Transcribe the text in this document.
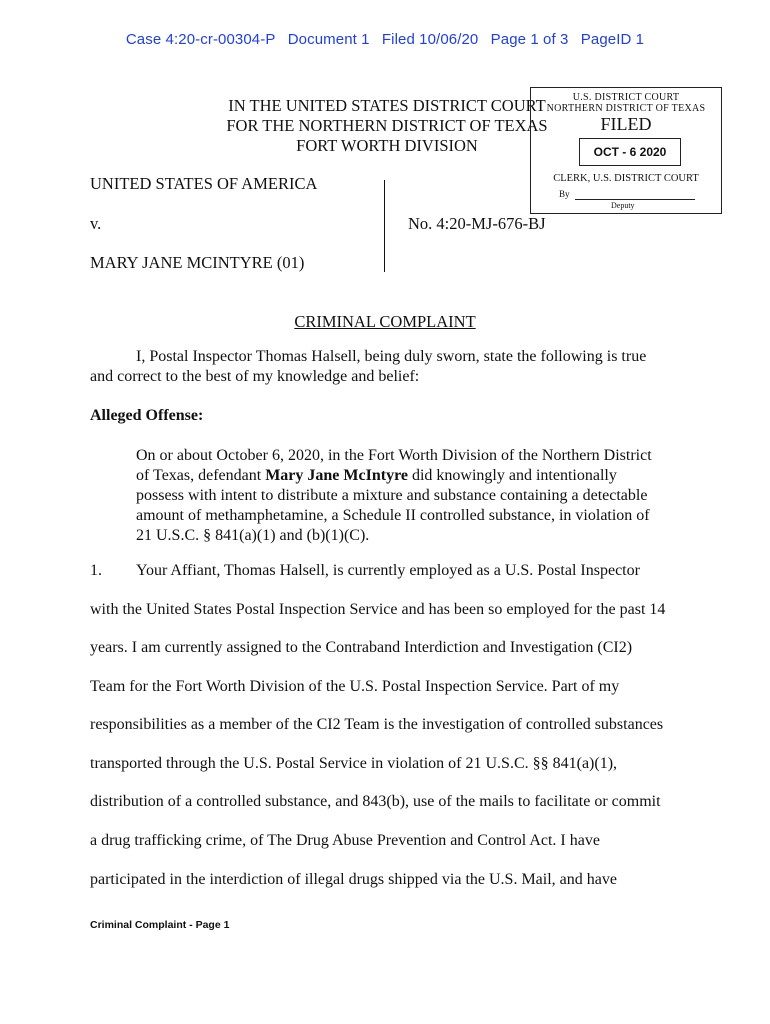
Case 4:20-cr-00304-P Document 1 Filed 10/06/20 Page 1 of 3 PageID 1
IN THE UNITED STATES DISTRICT COURT
FOR THE NORTHERN DISTRICT OF TEXAS
FORT WORTH DIVISION
U.S. DISTRICT COURT
NORTHERN DISTRICT OF TEXAS
FILED
OCT - 6 2020
CLERK, U.S. DISTRICT COURT
By
Deputy
UNITED STATES OF AMERICA
v.	No. 4:20-MJ-676-BJ
MARY JANE MCINTYRE (01)
CRIMINAL COMPLAINT
I, Postal Inspector Thomas Halsell, being duly sworn, state the following is true
and correct to the best of my knowledge and belief:
Alleged Offense:
On or about October 6, 2020, in the Fort Worth Division of the Northern District
of Texas, defendant Mary Jane McIntyre did knowingly and intentionally
possess with intent to distribute a mixture and substance containing a detectable
amount of methamphetamine, a Schedule II controlled substance, in violation of
21 U.S.C. § 841(a)(1) and (b)(1)(C).
1. Your Affiant, Thomas Halsell, is currently employed as a U.S. Postal Inspector
with the United States Postal Inspection Service and has been so employed for the past 14
years. I am currently assigned to the Contraband Interdiction and Investigation (CI2)
Team for the Fort Worth Division of the U.S. Postal Inspection Service. Part of my
responsibilities as a member of the CI2 Team is the investigation of controlled substances
transported through the U.S. Postal Service in violation of 21 U.S.C. §§ 841(a)(1),
distribution of a controlled substance, and 843(b), use of the mails to facilitate or commit
a drug trafficking crime, of The Drug Abuse Prevention and Control Act. I have
participated in the interdiction of illegal drugs shipped via the U.S. Mail, and have
Criminal Complaint - Page 1
